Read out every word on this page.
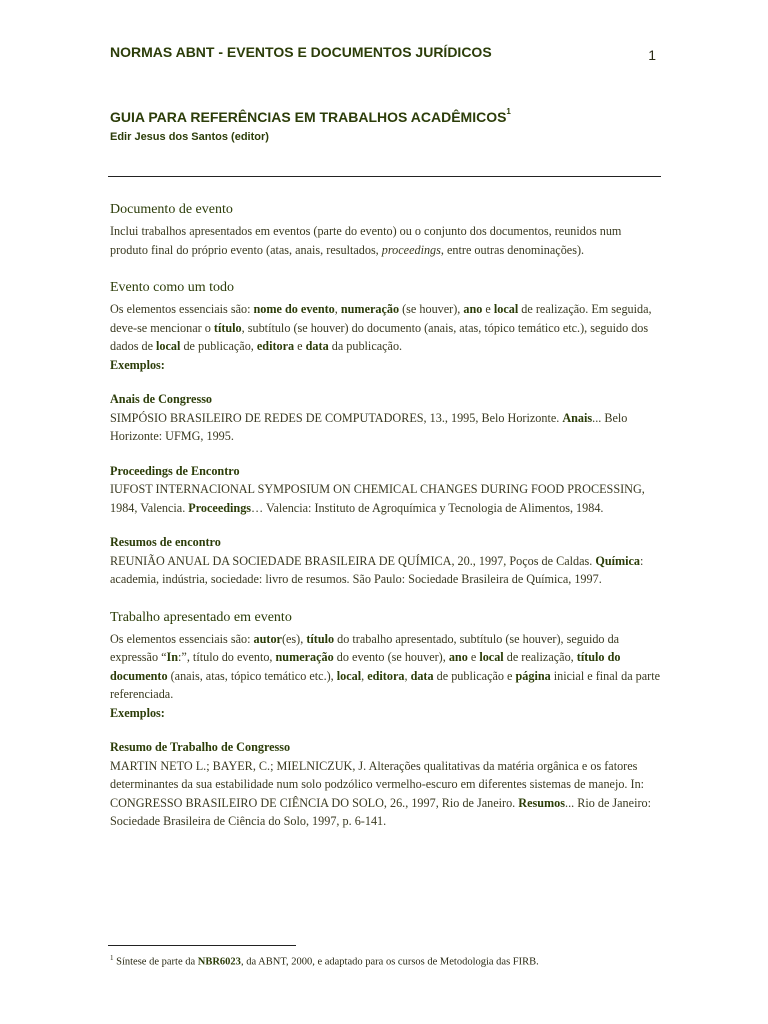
NORMAS ABNT - EVENTOS E DOCUMENTOS JURÍDICOS	1
GUIA PARA REFERÊNCIAS EM TRABALHOS ACADÊMICOS$^1$
Edir Jesus dos Santos (editor)
Documento de evento

Inclui trabalhos apresentados em eventos (parte do evento) ou o conjunto dos documentos, reunidos num produto final do próprio evento (atas, anais, resultados, proceedings, entre outras denominações).

Evento como um todo

Os elementos essenciais são: nome do evento, numeração (se houver), ano e local de realização. Em seguida, deve-se mencionar o título, subtítulo (se houver) do documento (anais, atas, tópico temático etc.), seguido dos dados de local de publicação, editora e data da publicação.

Exemplos:

Anais de Congresso

SIMPÓSIO BRASILEIRO DE REDES DE COMPUTADORES, 13., 1995, Belo Horizonte. Anais... Belo Horizonte: UFMG, 1995.

Proceedings de Encontro

IUFOST INTERNACIONAL SYMPOSIUM ON CHEMICAL CHANGES DURING FOOD PROCESSING, 1984, Valencia. Proceedings… Valencia: Instituto de Agroquímica y Tecnologia de Alimentos, 1984.

Resumos de encontro

REUNIÃO ANUAL DA SOCIEDADE BRASILEIRA DE QUÍMICA, 20., 1997, Poços de Caldas. Química: academia, indústria, sociedade: livro de resumos. São Paulo: Sociedade Brasileira de Química, 1997.

Trabalho apresentado em evento

Os elementos essenciais são: autor(es), título do trabalho apresentado, subtítulo (se houver), seguido da expressão “In:”, título do evento, numeração do evento (se houver), ano e local de realização, título do documento (anais, atas, tópico temático etc.), local, editora, data de publicação e página inicial e final da parte referenciada.

Exemplos:

Resumo de Trabalho de Congresso

MARTIN NETO L.; BAYER, C.; MIELNICZUK, J. Alterações qualitativas da matéria orgânica e os fatores determinantes da sua estabilidade num solo podzólico vermelho-escuro em diferentes sistemas de manejo. In: CONGRESSO BRASILEIRO DE CIÊNCIA DO SOLO, 26., 1997, Rio de Janeiro. Resumos... Rio de Janeiro: Sociedade Brasileira de Ciência do Solo, 1997, p. 6-141.

$^1$ Síntese de parte da NBR6023, da ABNT, 2000, e adaptado para os cursos de Metodologia das FIRB.
